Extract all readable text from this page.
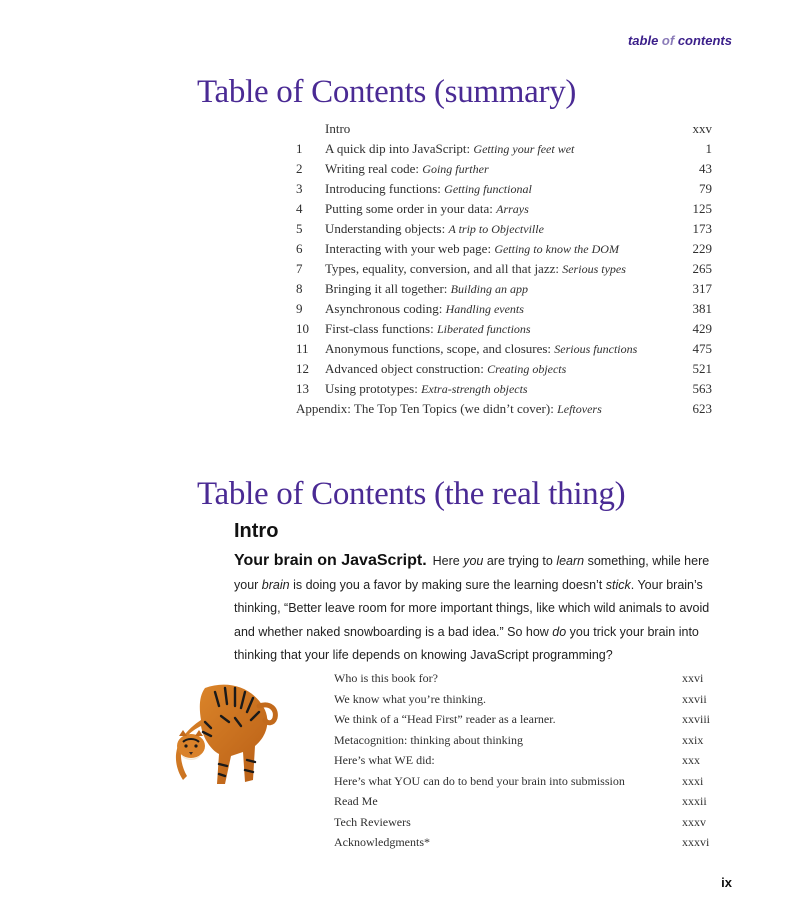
table of contents
Table of Contents (summary)
Intro	xxv
1	A quick dip into JavaScript: Getting your feet wet	1
2	Writing real code: Going further	43
3	Introducing functions: Getting functional	79
4	Putting some order in your data: Arrays	125
5	Understanding objects: A trip to Objectville	173
6	Interacting with your web page: Getting to know the DOM	229
7	Types, equality, conversion, and all that jazz: Serious types	265
8	Bringing it all together: Building an app	317
9	Asynchronous coding: Handling events	381
10	First-class functions: Liberated functions	429
11	Anonymous functions, scope, and closures: Serious functions	475
12	Advanced object construction: Creating objects	521
13	Using prototypes: Extra-strength objects	563
Appendix: The Top Ten Topics (we didn’t cover): Leftovers	623
Table of Contents (the real thing)
Intro

Your brain on JavaScript. Here you are trying to learn something, while here your brain is doing you a favor by making sure the learning doesn’t stick. Your brain’s thinking, “Better leave room for more important things, like which wild animals to avoid and whether naked snowboarding is a bad idea.” So how do you trick your brain into thinking that your life depends on knowing JavaScript programming?

Who is this book for?	xxvi
We know what you’re thinking.	xxvii
We think of a “Head First” reader as a learner.	xxviii
Metacognition: thinking about thinking	xxix
Here’s what WE did:	xxx
Here’s what YOU can do to bend your brain into submission	xxxi
Read Me	xxxii
Tech Reviewers	xxxv
Acknowledgments*	xxxvi
ix
